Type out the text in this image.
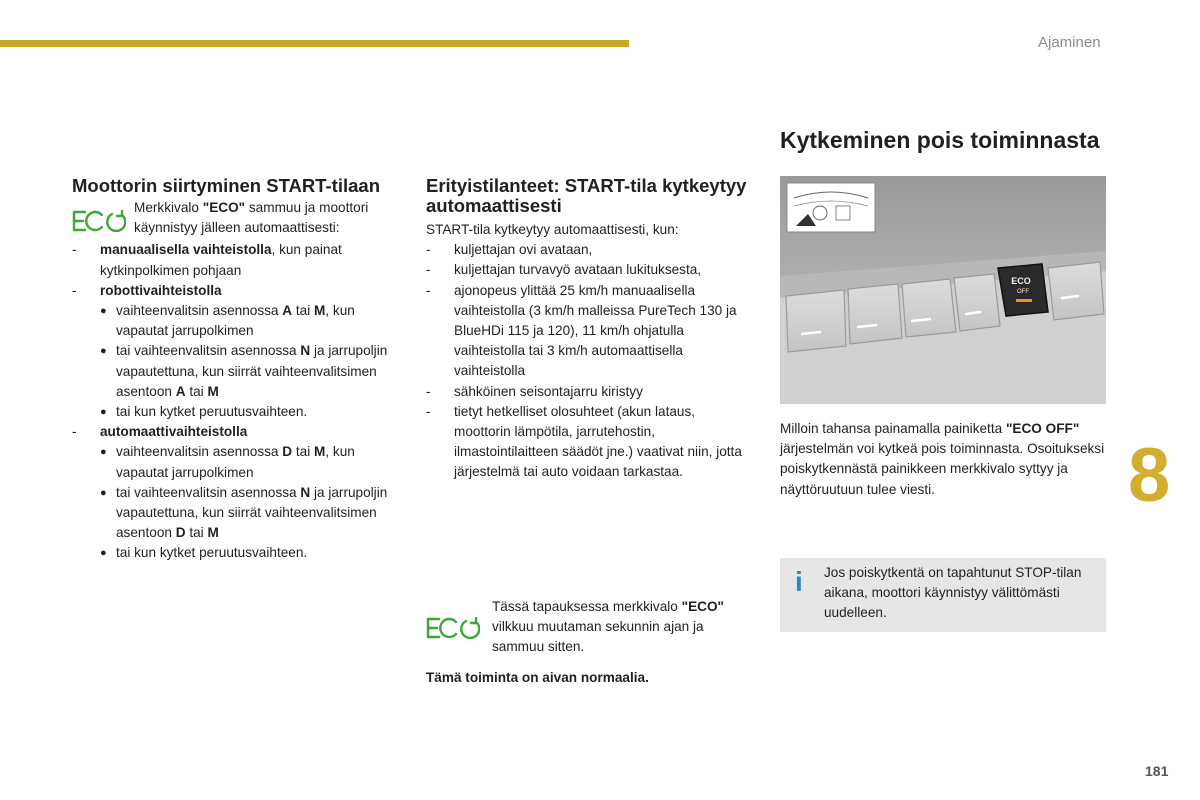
Ajaminen
8
181
Moottorin siirtyminen START-tilaan

Merkkivalo "ECO" sammuu ja moottori käynnistyy jälleen automaattisesti:

- manuaalisella vaihteistolla, kun painat kytkinpolkimen pohjaan
- robottivaihteistolla
● vaihteenvalitsin asennossa A tai M, kun vapautat jarrupolkimen
● tai vaihteenvalitsin asennossa N ja jarrupoljin vapautettuna, kun siirrät vaihteenvalitsimen asentoon A tai M
● tai kun kytket peruutusvaihteen.
- automaattivaihteistolla
● vaihteenvalitsin asennossa D tai M, kun vapautat jarrupolkimen
● tai vaihteenvalitsin asennossa N ja jarrupoljin vapautettuna, kun siirrät vaihteenvalitsimen asentoon D tai M
● tai kun kytket peruutusvaihteen.
Erityistilanteet: START-tila kytkeytyy automaattisesti

START-tila kytkeytyy automaattisesti, kun:

- kuljettajan ovi avataan,
- kuljettajan turvavyö avataan lukituksesta,
- ajonopeus ylittää 25 km/h manuaalisella vaihteistolla (3 km/h malleissa PureTech 130 ja BlueHDi 115 ja 120), 11 km/h ohjatulla vaihteistolla tai 3 km/h automaattisella vaihteistolla
- sähköinen seisontajarru kiristyy
- tietyt hetkelliset olosuhteet (akun lataus, moottorin lämpötila, jarrutehostin, ilmastointilaitteen säädöt jne.) vaativat niin, jotta järjestelmä tai auto voidaan tarkastaa.

Tässä tapauksessa merkkivalo "ECO" vilkkuu muutaman sekunnin ajan ja sammuu sitten.

Tämä toiminta on aivan normaalia.

Kytkeminen pois toiminnasta
ECO
OFF

Milloin tahansa painamalla painiketta "ECO OFF" järjestelmän voi kytkeä pois toiminnasta. Osoitukseksi poiskytkennästä painikkeen merkkivalo syttyy ja näyttöruutuun tulee viesti.

i Jos poiskytkentä on tapahtunut STOP-tilan aikana, moottori käynnistyy välittömästi uudelleen.
